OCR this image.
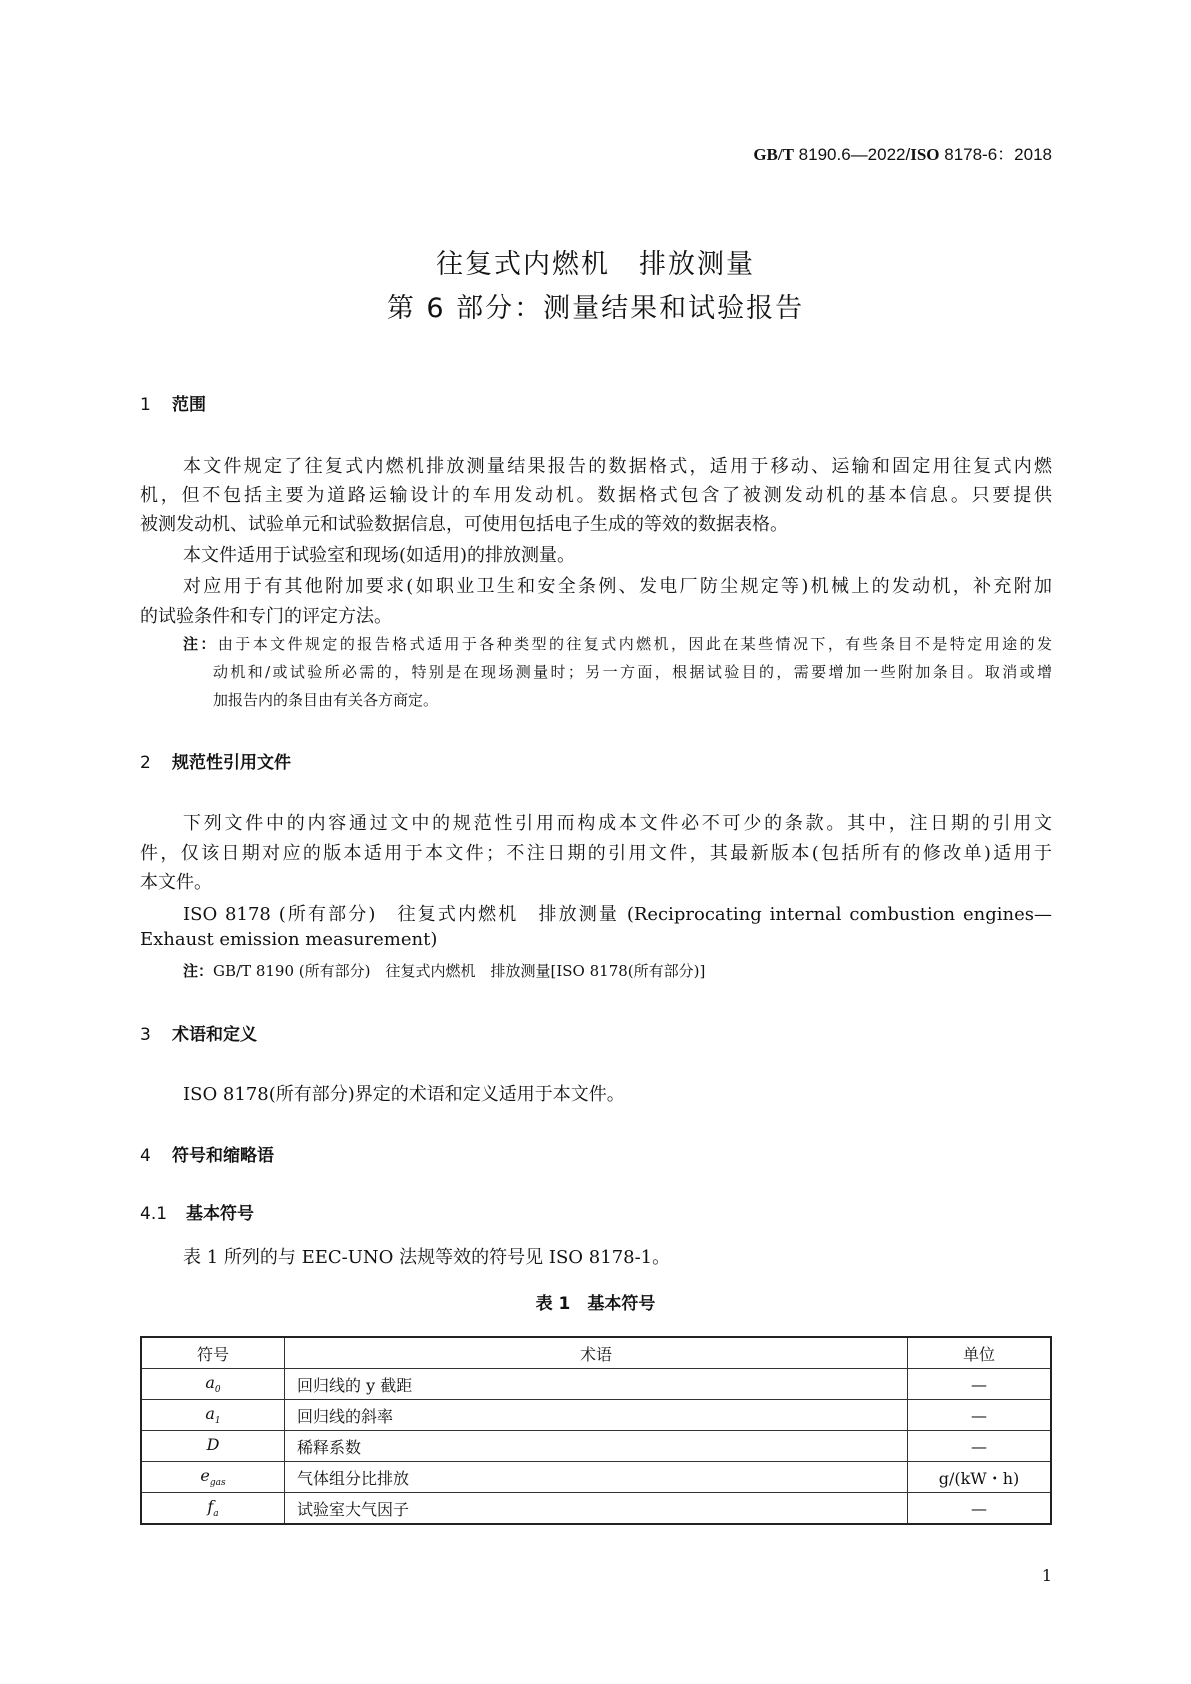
GB/T 8190.6—2022/ISO 8178-6：2018
往复式内燃机　排放测量
第 6 部分：测量结果和试验报告
1 范围
本文件规定了往复式内燃机排放测量结果报告的数据格式，适用于移动、运输和固定用往复式内燃
机，但不包括主要为道路运输设计的车用发动机。数据格式包含了被测发动机的基本信息。只要提供
被测发动机、试验单元和试验数据信息，可使用包括电子生成的等效的数据表格。
本文件适用于试验室和现场(如适用)的排放测量。
对应用于有其他附加要求(如职业卫生和安全条例、发电厂防尘规定等)机械上的发动机，补充附加
的试验条件和专门的评定方法。
注：由于本文件规定的报告格式适用于各种类型的往复式内燃机，因此在某些情况下，有些条目不是特定用途的发
动机和/或试验所必需的，特别是在现场测量时；另一方面，根据试验目的，需要增加一些附加条目。取消或增
加报告内的条目由有关各方商定。
2 规范性引用文件
下列文件中的内容通过文中的规范性引用而构成本文件必不可少的条款。其中，注日期的引用文
件，仅该日期对应的版本适用于本文件；不注日期的引用文件，其最新版本(包括所有的修改单)适用于
本文件。
ISO 8178 (所有部分)　往复式内燃机　排放测量 (Reciprocating internal combustion engines—
Exhaust emission measurement)
注：GB/T 8190 (所有部分)　往复式内燃机　排放测量[ISO 8178(所有部分)]
3 术语和定义
ISO 8178(所有部分)界定的术语和定义适用于本文件。
4 符号和缩略语
4.1 基本符号
表 1 所列的与 EEC-UNO 法规等效的符号见 ISO 8178-1。
表 1　基本符号
符号	术语	单位
$a_0$	回归线的 y 截距	—
$a_1$	回归线的斜率	—
D	稀释系数	—
$e_{gas}$	气体组分比排放	g/(kW・h)
$f_a$	试验室大气因子	—
1
